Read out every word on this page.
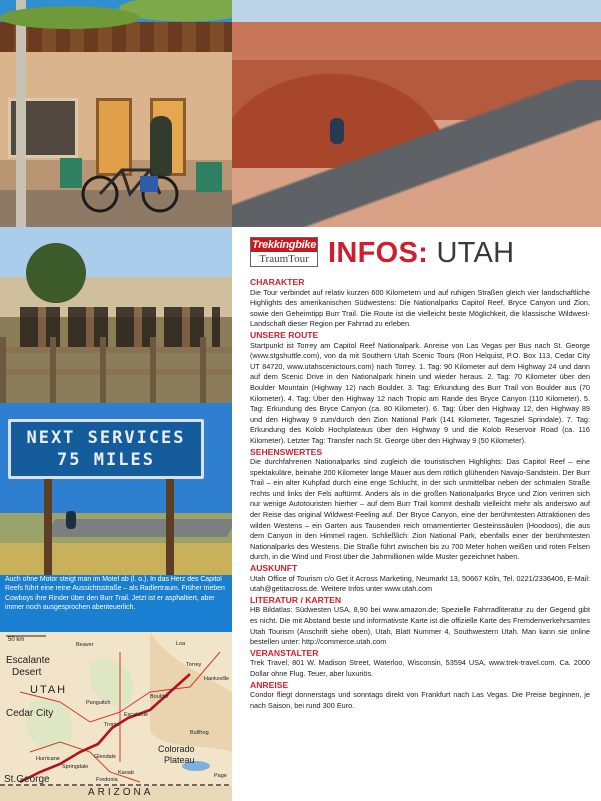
NEXT SERVICES
75 MILES

Auch ohne Motor steigt man im Motel ab (l. o.). In das Herz des Capitol Reefs führt eine reine Aussichtsstraße – als Radlertraum. Früher trieben Cowboys ihre Rinder über den Burr Trail. Jetzt ist er asphaltiert, aber immer noch ausgesprochen abenteuerlich.

50 km
Escalante
Desert
UTAH
Cedar City
St.George
Colorado
Plateau
ARIZONA
Loa
Torrey
Hanksville
Boulder
Escalante
Tropic
Panguitch
Kanab	Page
Hurricane
Springdale
Glendale
Fredonia
Bullfrog
Beaver
Trekkingbike
TraumTour INFOS: UTAH
CHARAKTER

Die Tour verbindet auf relativ kurzen 600 Kilometern und auf ruhigen Straßen gleich vier landschaftliche Highlights des amerikanischen Südwestens: Die Nationalparks Capitol Reef, Bryce Canyon und Zion, sowie den Geheimtipp Burr Trail. Die Route ist die vielleicht beste Möglichkeit, die klassische Wildwest-Landschaft dieser Region per Fahrrad zu erleben.

UNSERE ROUTE

Startpunkt ist Torrey am Capitol Reef Nationalpark. Anreise von Las Vegas per Bus nach St. George (www.stgshuttle.com), von da mit Southern Utah Scenic Tours (Ron Helquist, P.O. Box 113, Cedar City UT 84720, www.utahscenictours.com) nach Torrey. 1. Tag: 90 Kilometer auf dem Highway 24 und dann auf dem Scenic Drive in den Nationalpark hinein und wieder heraus. 2. Tag: 70 Kilometer über den Boulder Mountain (Highway 12) nach Boulder. 3. Tag: Erkundung des Burr Trail von Boulder aus (70 Kilometer). 4. Tag: Über den Highway 12 nach Tropic am Rande des Bryce Canyon (110 Kilometer). 5. Tag: Erkundung des Bryce Canyon (ca. 80 Kilometer). 6. Tag: Über den Highway 12, den Highway 89 und den Highway 9 zum/durch den Zion National Park (141 Kilometer, Tagesziel Sprindale). 7. Tag: Erkundung des Kolob Hochplateaus über den Highway 9 und die Kolob Reservoir Road (ca. 116 Kilometer). Letzter Tag: Transfer nach St. George über den Highway 9 (50 Kilometer).

SEHENSWERTES

Die durchfahrenen Nationalparks sind zugleich die touristischen Highlights: Das Capitol Reef – eine spektakuläre, beinahe 200 Kilometer lange Mauer aus dem rötlich glühenden Navajo-Sandstein. Der Burr Trail – ein alter Kuhpfad durch eine enge Schlucht, in der sich unmittelbar neben der schmalen Straße rechts und links der Fels auftürmt. Anders als in die großen Nationalparks Bryce und Zion verirren sich nur wenige Autotouristen hierher – auf dem Burr Trail kommt deshalb vielleicht mehr als anderswo auf der Reise das original Wildwest-Feeling auf. Der Bryce Canyon, eine der berühmtesten Attraktionen des wilden Westens – ein Garten aus Tausenden reich ornamentierter Gesteinssäulen (Hoodoos), die aus dem Canyon in den Himmel ragen. Schließlich: Zion National Park, ebenfalls einer der berühmtesten Nationalparks des Westens. Die Straße führt zwischen bis zu 700 Meter hohen weißen und roten Felsen durch, in die Wind und Frost über die Jahrmillionen wilde Muster gezeichnet haben.

AUSKUNFT

Utah Office of Tourism c/o Get it Across Marketing, Neumarkt 13, 50667 Köln, Tel. 0221/2336406, E-Mail: utah@getitacross.de. Weitere Infos unter www.utah.com

LITERATUR / KARTEN

HB Bildatlas: Südwesten USA, 8,90 bei www.amazon.de; Spezielle Fahrradliteratur zu der Gegend gibt es nicht. Die mit Abstand beste und informativste Karte ist die offizielle Karte des Fremdenverkehrsamtes Utah Tourism (Anschrift siehe oben), Utah, Blatt Nummer 4, Southwestern Utah. Man kann sie online bestellen unter: http://commerce.utah.com

VERANSTALTER

Trek Travel, 801 W. Madison Street, Waterloo, Wisconsin, 53594 USA, www.trek-travel.com. Ca. 2000 Dollar ohne Flug. Teuer, aber luxuriös.

ANREISE

Condor fliegt donnerstags und sonntags direkt von Frankfurt nach Las Vegas. Die Preise beginnen, je nach Saison, bei rund 300 Euro.
